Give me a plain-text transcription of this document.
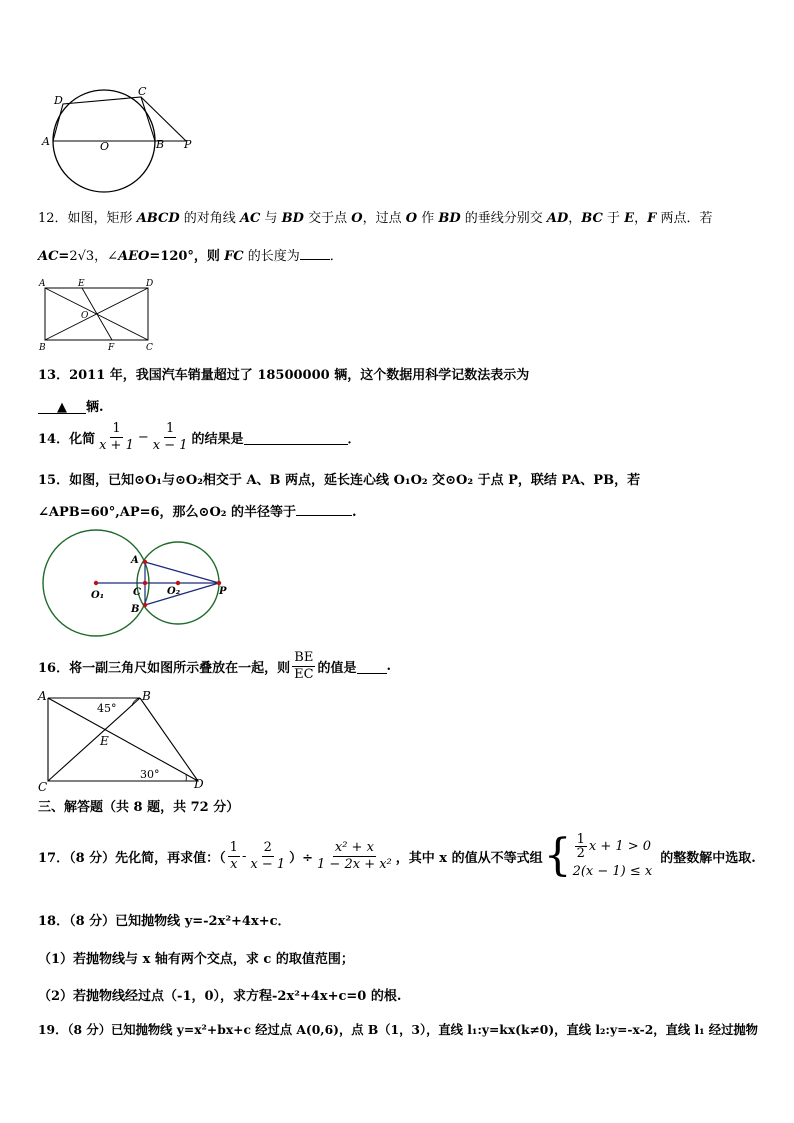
D
C
A	O	B P
12．如图，矩形 ABCD 的对角线 AC 与 BD 交于点 O，过点 O 作 BD 的垂线分别交 AD，BC 于 E，F 两点．若
AC=2√3，∠AEO=120°，则 FC 的长度为 ．
A	E	D
O
B	F	C
13．2011 年，我国汽车销量超过了 18500000 辆，这个数据用科学记数法表示为
▲ 辆.
14．化简 $\frac{1}{x + 1} - \frac{1}{x - 1}$ 的结果是	．
15．如图，已知⊙O₁与⊙O₂相交于 A、B 两点，延长连心线 O₁O₂ 交⊙O₂ 于点 P，联结 PA、PB，若
∠APB=60°,AP=6，那么⊙O₂ 的半径等于	.
A
C
B
O₁	O₂	P
16．将一副三角尺如图所示叠放在一起，则 $\frac{BE}{EC}$ 的值是 .
A	B
45°
E
30°
C	D
三、解答题（共 8 题，共 72 分）
17．（8 分）先化简，再求值：（ $\frac{1}{x} - \frac{2}{x - 1}$ ）÷ $\frac{\text{x² + x}}{\text{1 − 2x + x²}}$ ，其中 x 的值从不等式组 { $\frac{1}{2}$ x + 1 > 0
2(x − 1) ≤ x
的整数解中选取.
18．（8 分）已知抛物线 y=-2x²+4x+c．
（1）若抛物线与 x 轴有两个交点，求 c 的取值范围；
（2）若抛物线经过点（-1，0），求方程-2x²+4x+c=0 的根.
19．（8 分）已知抛物线 y=x²+bx+c 经过点 A(0,6)，点 B（1，3），直线 l₁:y=kx(k≠0)，直线 l₂:y=-x-2，直线 l₁ 经过抛物
